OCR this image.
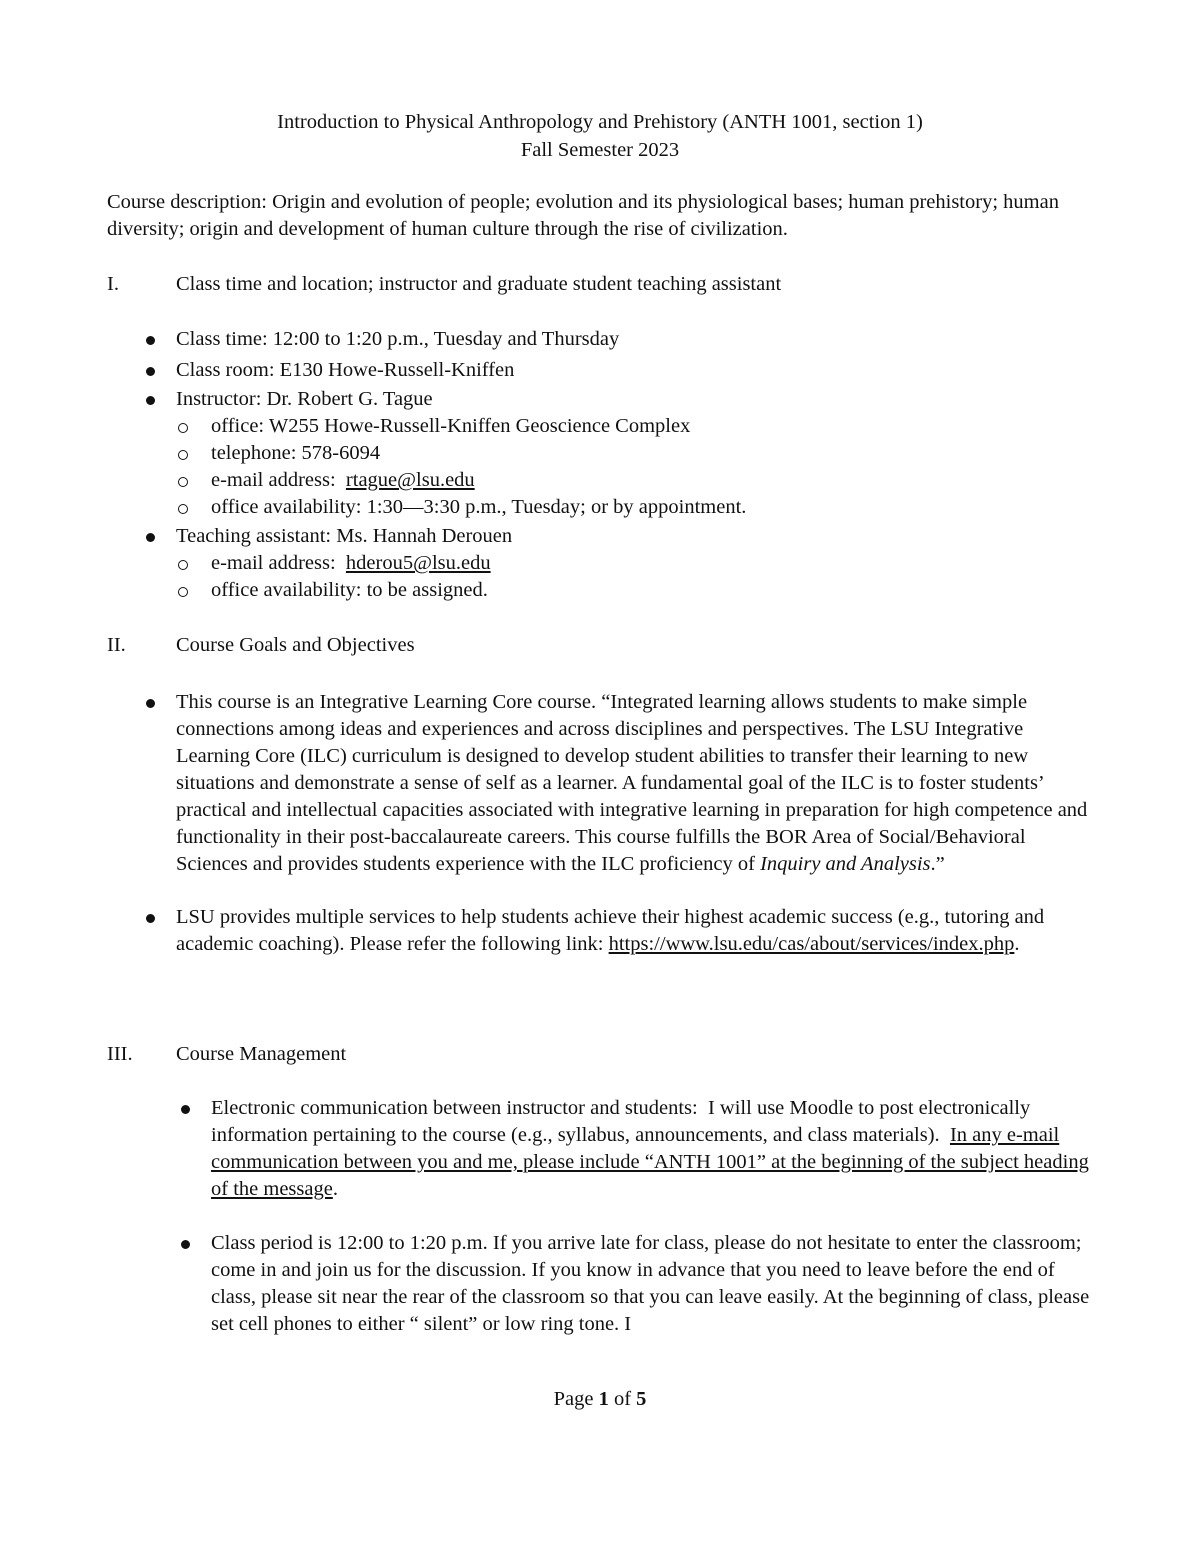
Introduction to Physical Anthropology and Prehistory (ANTH 1001, section 1)
Fall Semester 2023
Course description: Origin and evolution of people; evolution and its physiological bases; human prehistory; human diversity; origin and development of human culture through the rise of civilization.
I.	Class time and location; instructor and graduate student teaching assistant
Class time: 12:00 to 1:20 p.m., Tuesday and Thursday
Class room: E130 Howe-Russell-Kniffen
Instructor: Dr. Robert G. Tague
office: W255 Howe-Russell-Kniffen Geoscience Complex
telephone: 578-6094
e-mail address:  rtague@lsu.edu
office availability: 1:30—3:30 p.m., Tuesday; or by appointment.
Teaching assistant: Ms. Hannah Derouen
e-mail address:  hderou5@lsu.edu
office availability: to be assigned.
II. Course Goals and Objectives
This course is an Integrative Learning Core course. “Integrated learning allows students to make simple connections among ideas and experiences and across disciplines and perspectives. The LSU Integrative Learning Core (ILC) curriculum is designed to develop student abilities to transfer their learning to new situations and demonstrate a sense of self as a learner. A fundamental goal of the ILC is to foster students’ practical and intellectual capacities associated with integrative learning in preparation for high competence and functionality in their post-baccalaureate careers. This course fulfills the BOR Area of Social/Behavioral Sciences and provides students experience with the ILC proficiency of Inquiry and Analysis.”
LSU provides multiple services to help students achieve their highest academic success (e.g., tutoring and academic coaching). Please refer the following link: https://www.lsu.edu/cas/about/services/index.php.
III. Course Management
Electronic communication between instructor and students:  I will use Moodle to post electronically information pertaining to the course (e.g., syllabus, announcements, and class materials).  In any e-mail communication between you and me, please include “ANTH 1001” at the beginning of the subject heading of the message.
Class period is 12:00 to 1:20 p.m. If you arrive late for class, please do not hesitate to enter the classroom; come in and join us for the discussion. If you know in advance that you need to leave before the end of class, please sit near the rear of the classroom so that you can leave easily. At the beginning of class, please set cell phones to either “ silent” or low ring tone. I
Page 1 of 5
